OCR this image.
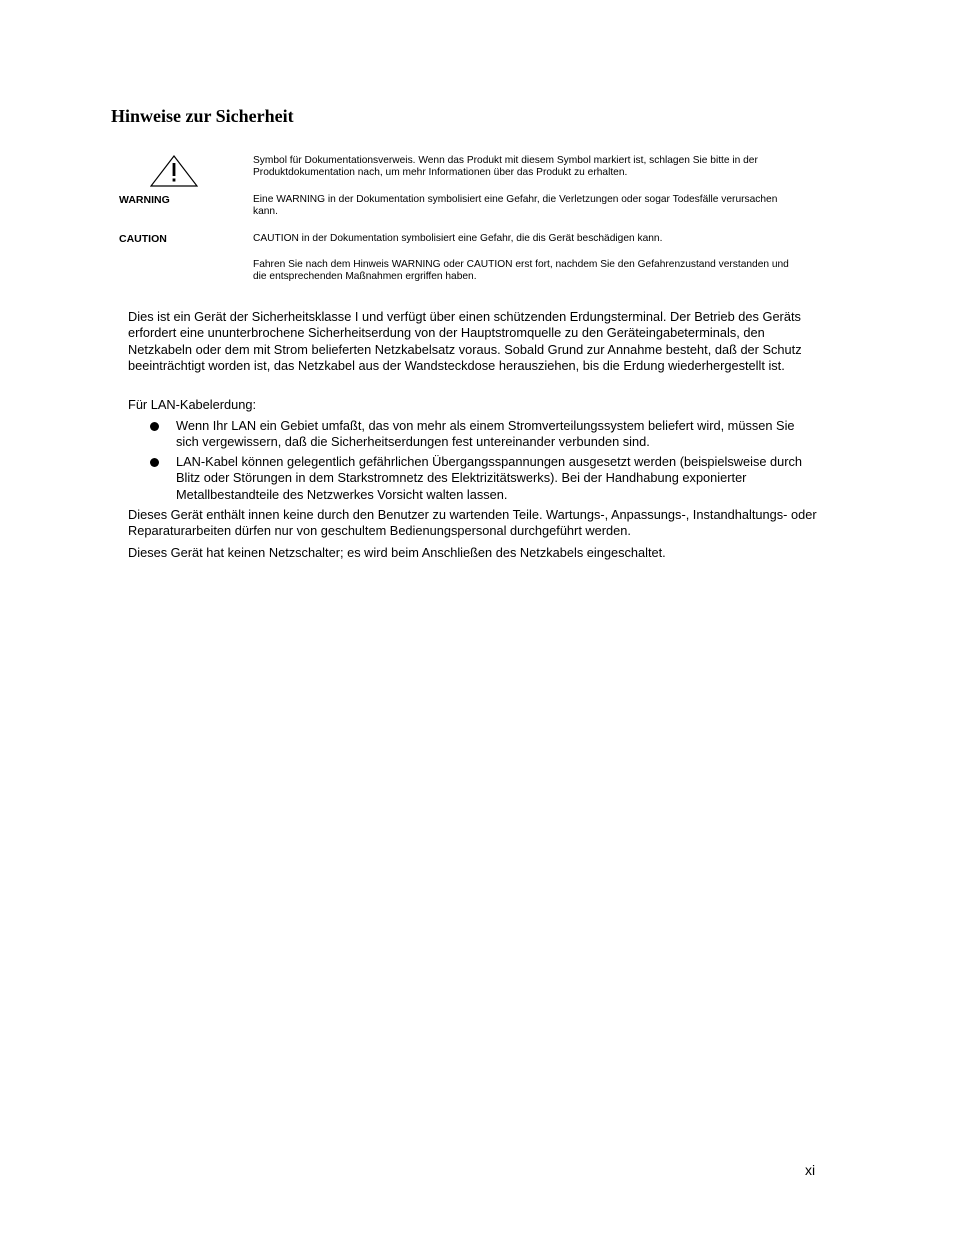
Hinweise zur Sicherheit

Symbol für Dokumentationsverweis. Wenn das Produkt mit diesem Symbol markiert ist, schlagen Sie bitte in der Produktdokumentation nach, um mehr Informationen über das Produkt zu erhalten.

WARNING	Eine WARNING in der Dokumentation symbolisiert eine Gefahr, die Verletzungen oder sogar Todesfälle verursachen kann.

CAUTION	CAUTION in der Dokumentation symbolisiert eine Gefahr, die dis Gerät beschädigen kann.

Fahren Sie nach dem Hinweis WARNING oder CAUTION erst fort, nachdem Sie den Gefahrenzustand verstanden und die entsprechenden Maßnahmen ergriffen haben.

Dies ist ein Gerät der Sicherheitsklasse I und verfügt über einen schützenden Erdungsterminal. Der Betrieb des Geräts erfordert eine ununterbrochene Sicherheitserdung von der Hauptstromquelle zu den Geräteingabeterminals, den Netzkabeln oder dem mit Strom belieferten Netzkabelsatz voraus. Sobald Grund zur Annahme besteht, daß der Schutz beeinträchtigt worden ist, das Netzkabel aus der Wandsteckdose herausziehen, bis die Erdung wiederhergestellt ist.

Für LAN-Kabelerdung:

Wenn Ihr LAN ein Gebiet umfaßt, das von mehr als einem Stromverteilungssystem beliefert wird, müssen Sie sich vergewissern, daß die Sicherheitserdungen fest untereinander verbunden sind.

LAN-Kabel können gelegentlich gefährlichen Übergangsspannungen ausgesetzt werden (beispielsweise durch Blitz oder Störungen in dem Starkstromnetz des Elektrizitätswerks). Bei der Handhabung exponierter Metallbestandteile des Netzwerkes Vorsicht walten lassen.

Dieses Gerät enthält innen keine durch den Benutzer zu wartenden Teile. Wartungs-, Anpassungs-, Instandhaltungs- oder Reparaturarbeiten dürfen nur von geschultem Bedienungspersonal durchgeführt werden.

Dieses Gerät hat keinen Netzschalter; es wird beim Anschließen des Netzkabels eingeschaltet.

xi
